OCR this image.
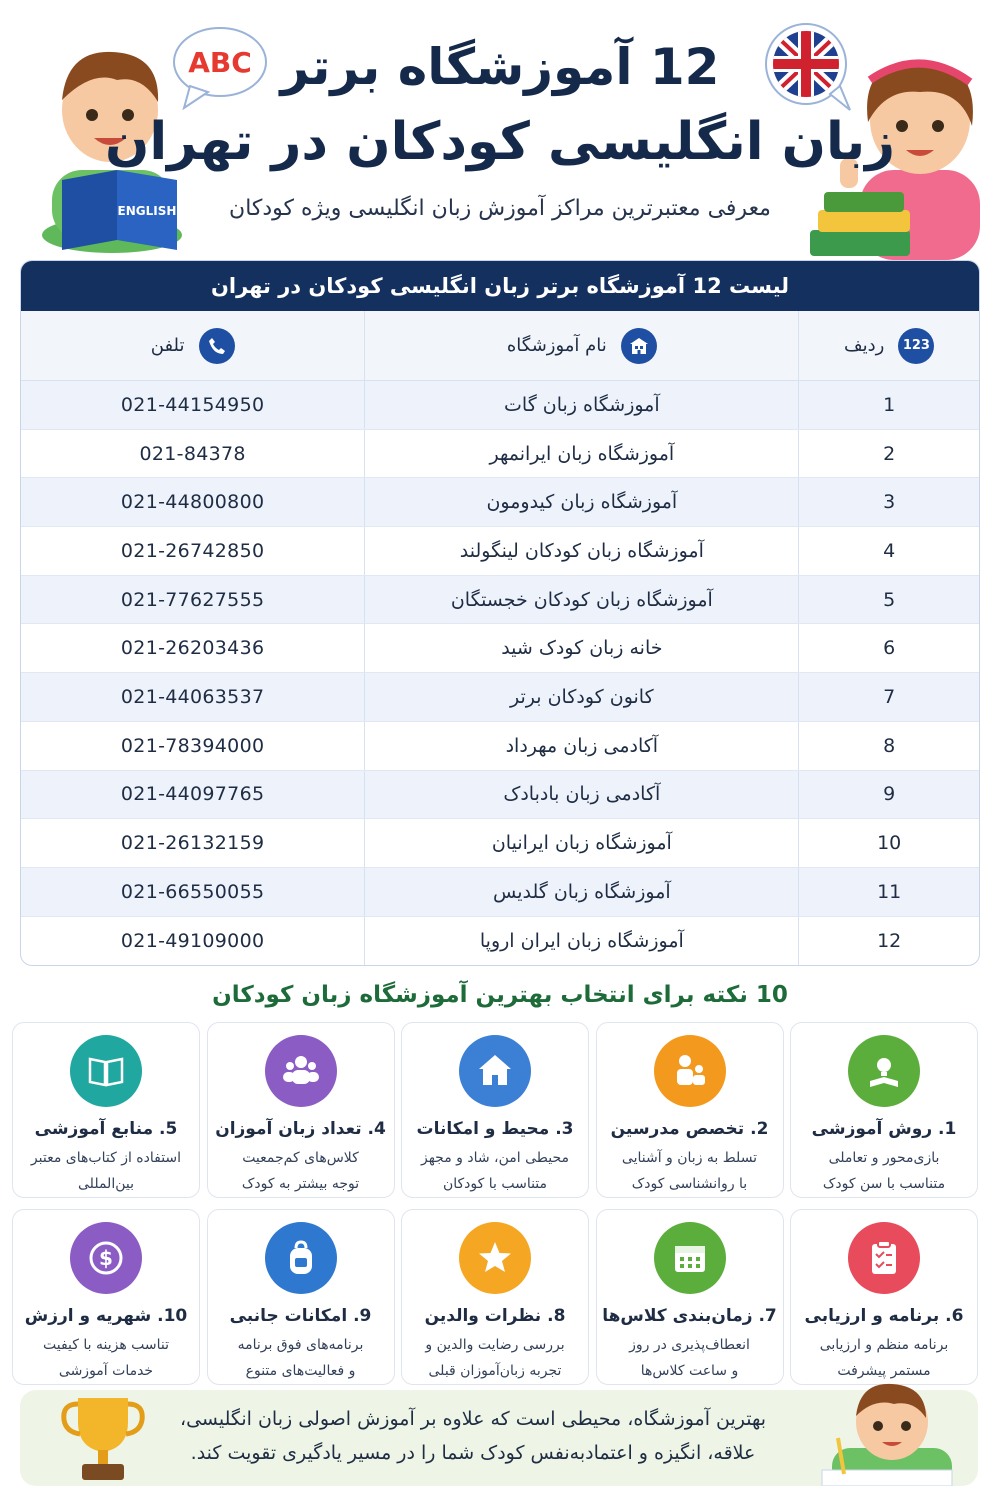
ENGLISH
ABC 12 آموزشگاه برتر
زبان انگلیسی کودکان در تهران
معرفی معتبرترین مراکز آموزش زبان انگلیسی ویژه کودکان
لیست 12 آموزشگاه برتر زبان انگلیسی کودکان در تهران
123
ردیف
نام آموزشگاه
تلفن
1
آموزشگاه زبان گات
021-44154950
2
آموزشگاه زبان ایرانمهر
021-84378
3
آموزشگاه زبان کیدومون
021-44800800
4
آموزشگاه زبان کودکان لینگولند
021-26742850
5
آموزشگاه زبان کودکان خجستگان
021-77627555
6
خانه زبان کودک شید
021-26203436
7
کانون کودکان برتر
021-44063537
8
آکادمی زبان مهرداد
021-78394000
9
آکادمی زبان بادبادک
021-44097765
10
آموزشگاه زبان ایرانیان
021-26132159
11
آموزشگاه زبان گلدیس
021-66550055
12
آموزشگاه زبان ایران اروپا
021-49109000
10 نکته برای انتخاب بهترین آموزشگاه زبان کودکان
1. روش آموزشی
بازی‌محور و تعاملی
متناسب با سن کودک
2. تخصص مدرسین
تسلط به زبان و آشنایی
با روانشناسی کودک
3. محیط و امکانات
محیطی امن، شاد و مجهز
متناسب با کودکان
4. تعداد زبان آموزان
کلاس‌های کم‌جمعیت
توجه بیشتر به کودک
5. منابع آموزشی
استفاده از کتاب‌های معتبر
بین‌المللی
6. برنامه و ارزیابی
برنامه منظم و ارزیابی
مستمر پیشرفت
7. زمان‌بندی کلاس‌ها
انعطاف‌پذیری در روز
و ساعت کلاس‌ها
8. نظرات والدین
بررسی رضایت والدین و
تجربه زبان‌آموزان قبلی
9. امکانات جانبی
برنامه‌های فوق برنامه
و فعالیت‌های متنوع
$
10. شهریه و ارزش
تناسب هزینه با کیفیت
خدمات آموزشی
بهترین آموزشگاه، محیطی است که علاوه بر آموزش اصولی زبان انگلیسی،
علاقه، انگیزه و اعتمادبه‌نفس کودک شما را در مسیر یادگیری تقویت کند.
